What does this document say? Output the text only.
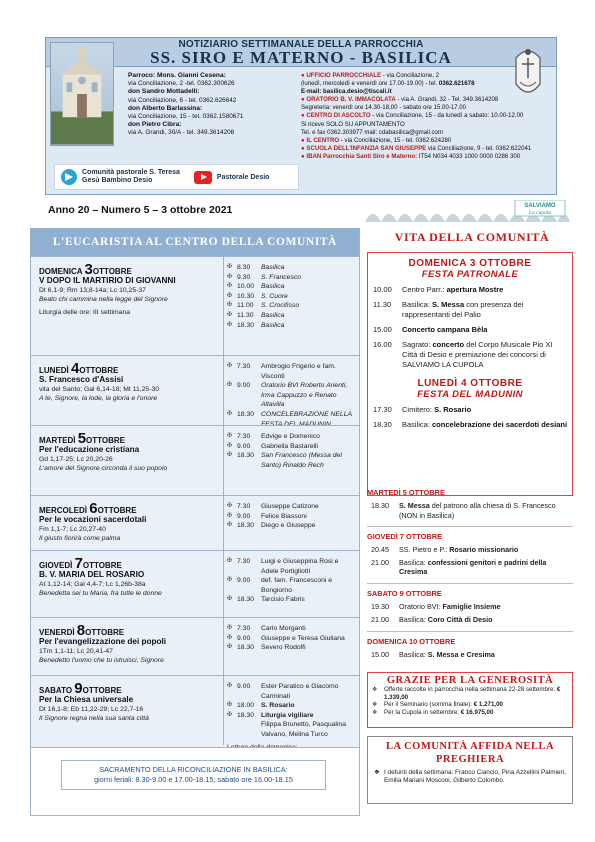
NOTIZIARIO SETTIMANALE DELLA PARROCCHIA
SS. SIRO E MATERNO - BASILICA
Parroco: Mons. Gianni Cesena:
via Conciliazione, 2 -tel. 0362.300626
don Sandro Mottadelli:
via Conciliazione, 6 - tel. 0362.626642
don Alberto Barlassina:
via Conciliazione, 15 - tel. 0362.1580671
don Pietro Cibra:
via A. Grandi, 30/A - tel. 349.3614208
● UFFICIO PARROCCHIALE - via Conciliazione, 2
(lunedì, mercoledì e venerdì ore 17.00-19.00) - tel. 0362.621678
E-mail: basilica.desio@tiscali.it
● ORATORIO B. V. IMMACOLATA - via A. Grandi, 32 - Tel. 349.3614208
Segreteria: venerdì ore 14.30-18.00 - sabato ore 15.00-17.00
● CENTRO DI ASCOLTO - via Conciliazione, 15 - da lunedì a sabato: 10.00-12.00
Si riceve SOLO SU APPUNTAMENTO
Tel. e fax 0362.303977 mail: cdabasilica@gmail.com
● IL CENTRO - via Conciliazione, 15 - tel. 0362.624280
● SCUOLA DELL'INFANZIA SAN GIUSEPPE via Conciliazione, 9 - tel. 0362.622041
● IBAN Parrocchia Santi Siro e Materno: IT54 N034 4033 1000 0000 0286 300
Comunità pastorale S. Teresa
Gesù Bambino Desio	Pastorale Desio
Anno 20 – Numero 5 – 3 ottobre 2021	SALVIAMO
La cupola
L'EUCARISTIA AL CENTRO DELLA COMUNITÀ
DOMENICA 3OTTOBRE
V DOPO IL MARTIRIO DI GIOVANNI
Dt 6,1-9; Rm 13,8-14a; Lc 10,25-37
Beato chi cammina nella legge del Signore
Liturgia delle ore: III settimana
✠ 8.30	Basilica
✠ 9.30	S. Francesco
✠ 10.00	Basilica
✠ 10.30	S. Cuore
✠ 11.00	S. Crocifisso
✠ 11.30	Basilica
✠ 18.30	Basilica
LUNEDÌ 4OTTOBRE
S. Francesco d'Assisi
vita del Santo; Gal 6,14-18; Mt 11,25-30
A te, Signore, la lode, la gloria e l'onore
✠ 7.30	Ambrogio Frigerio e fam. Visconti
✠ 9.00	Oratorio BVI Roberto Arienti, Irma Cappuzzo e Renato Altavilla
✠ 18.30	CONCELEBRAZIONE NELLA FESTA DEL MADUNIN
MARTEDÌ 5OTTOBRE
Per l'educazione cristiana
Gd 1,17-25; Lc 20,20-26
L'amore del Signore circonda il suo popolo
✠ 7.30	Edvige e Domenico
✠ 9.00	Gabriella Bastarelli
✠ 18.30	San Francesco (Messa del Santo) Rinaldo Rech
MERCOLEDÌ 6OTTOBRE
Per le vocazioni sacerdotali
Fm 1,1-7; Lc 20,27-40
Il giusto fiorirà come palma
✠ 7.30	Giuseppe Catizone
✠ 9.00	Felice Biassoni
✠ 18.30	Diego e Giuseppe
GIOVEDÌ 7OTTOBRE
B. V. MARIA DEL ROSARIO
At 1,12-14; Gal 4,4-7; Lc 1,26b-38a
Benedetta sei tu Maria, fra tutte le donne
✠ 7.30	Luigi e Giuseppina Rosi e Adele Portigliotti
✠ 9.00	def. fam. Francesconi e Bongiorno
✠ 18.30	Tarcisio Fabris
VENERDÌ 8OTTOBRE
Per l'evangelizzazione dei popoli
1Tm 1,1-11; Lc 20,41-47
Benedetto l'uomo che tu istruisci, Signore
✠ 7.30	Carlo Morganti
✠ 9.00	Giuseppe e Teresa Giuliana
✠ 18.30	Severo Rodolfi
SABATO 9OTTOBRE
Per la Chiesa universale
Dt 16,1-8; Eb 11,22-29; Lc 22,7-16
Il Signore regna nella sua santa città
✠ 9.00	Ester Paratico e Giacomo Carminati
✠ 18.00	S. Rosario
✠ 18.30	Liturgia vigiliare
Filippa Brunetto, Pasqualina Valvano, Melina Turco
SACRAMENTO DELLA RICONCILIAZIONE IN BASILICA:
giorni feriali: 8.30-9.00 e 17.00-18.15; sabato ore 16.00-18.15
VITA DELLA COMUNITÀ
DOMENICA 3 OTTOBRE
FESTA PATRONALE
10.00	Centro Parr.: apertura Mostre
11.30	Basilica: S. Messa con presenza dei rappresentanti del Palio
15.00	Concerto campana Bèla
16.00	Sagrato: concerto del Corpo Musicale Pio XI Città di Desio e premiazione dei concorsi di SALVIAMO LA CUPOLA
LUNEDÌ 4 OTTOBRE
FESTA DEL MADUNIN
17.30	Cimitero: S. Rosario
18.30	Basilica: concelebrazione dei sacerdoti desiani
MARTEDÌ 5 OTTOBRE
18.30	S. Messa del patrono alla chiesa di S. Francesco (NON in Basilica)
GIOVEDÌ 7 OTTOBRE
20.45	SS. Pietro e P.: Rosario missionario
21.00	Basilica: confessioni genitori e padrini della Cresima
SABATO 9 OTTOBRE
19.30	Oratorio BVI: Famiglie Insieme
21.00	Basilica: Coro Città di Desio
DOMENICA 10 OTTOBRE
15.00	Basilica: S. Messa e Cresima
GRAZIE PER LA GENEROSITÀ
❖	Offerte raccolte in parrocchia nella settimana 22-28 settembre: € 1.339,00
❖	Per il Seminario (somma finale): € 1.271,00
❖	Per la Cupola in settembre: € 16.975,00
LA COMUNITÀ AFFIDA NELLA PREGHIERA
❖ I defunti della settimana: Franco Ciancio, Pina Azzellini Palmieri, Emilia Mariani Mosconi, Gilberto Colombo.
